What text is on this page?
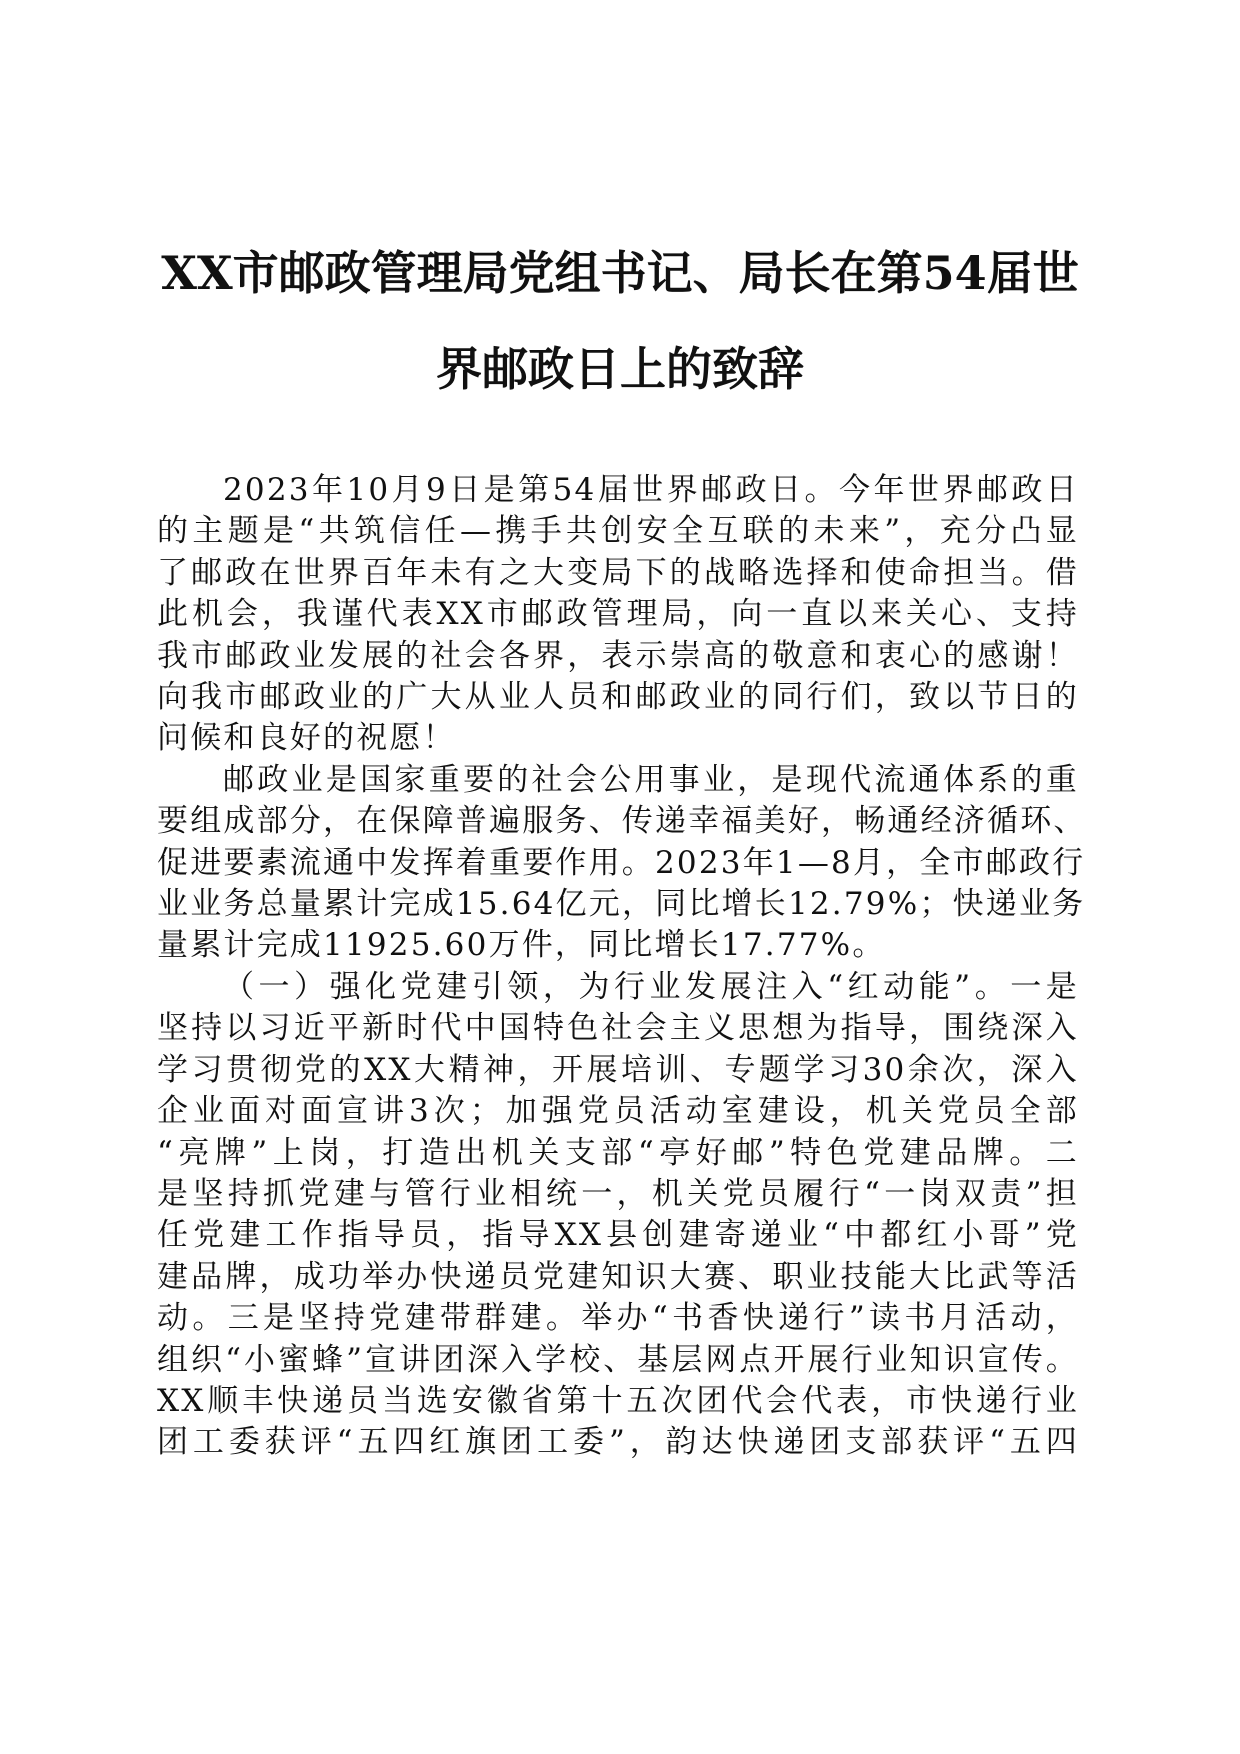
XX市邮政管理局党组书记、局长在第54届世
界邮政日上的致辞

2023年10月9日是第54届世界邮政日。今年世界邮政日
的主题是“共筑信任—携手共创安全互联的未来”，充分凸显
了邮政在世界百年未有之大变局下的战略选择和使命担当。借
此机会，我谨代表XX市邮政管理局，向一直以来关心、支持
我市邮政业发展的社会各界，表示崇高的敬意和衷心的感谢！
向我市邮政业的广大从业人员和邮政业的同行们，致以节日的
问候和良好的祝愿！

邮政业是国家重要的社会公用事业，是现代流通体系的重
要组成部分，在保障普遍服务、传递幸福美好，畅通经济循环、
促进要素流通中发挥着重要作用。2023年1—8月，全市邮政行
业业务总量累计完成15.64亿元，同比增长12.79%；快递业务
量累计完成11925.60万件，同比增长17.77%。

（一）强化党建引领，为行业发展注入“红动能”。一是
坚持以习近平新时代中国特色社会主义思想为指导，围绕深入
学习贯彻党的XX大精神，开展培训、专题学习30余次，深入
企业面对面宣讲3次；加强党员活动室建设，机关党员全部
“亮牌”上岗，打造出机关支部“亭好邮”特色党建品牌。二
是坚持抓党建与管行业相统一，机关党员履行“一岗双责”担
任党建工作指导员，指导XX县创建寄递业“中都红小哥”党
建品牌，成功举办快递员党建知识大赛、职业技能大比武等活
动。三是坚持党建带群建。举办“书香快递行”读书月活动，
组织“小蜜蜂”宣讲团深入学校、基层网点开展行业知识宣传。
XX顺丰快递员当选安徽省第十五次团代会代表，市快递行业
团工委获评“五四红旗团工委”，韵达快递团支部获评“五四
